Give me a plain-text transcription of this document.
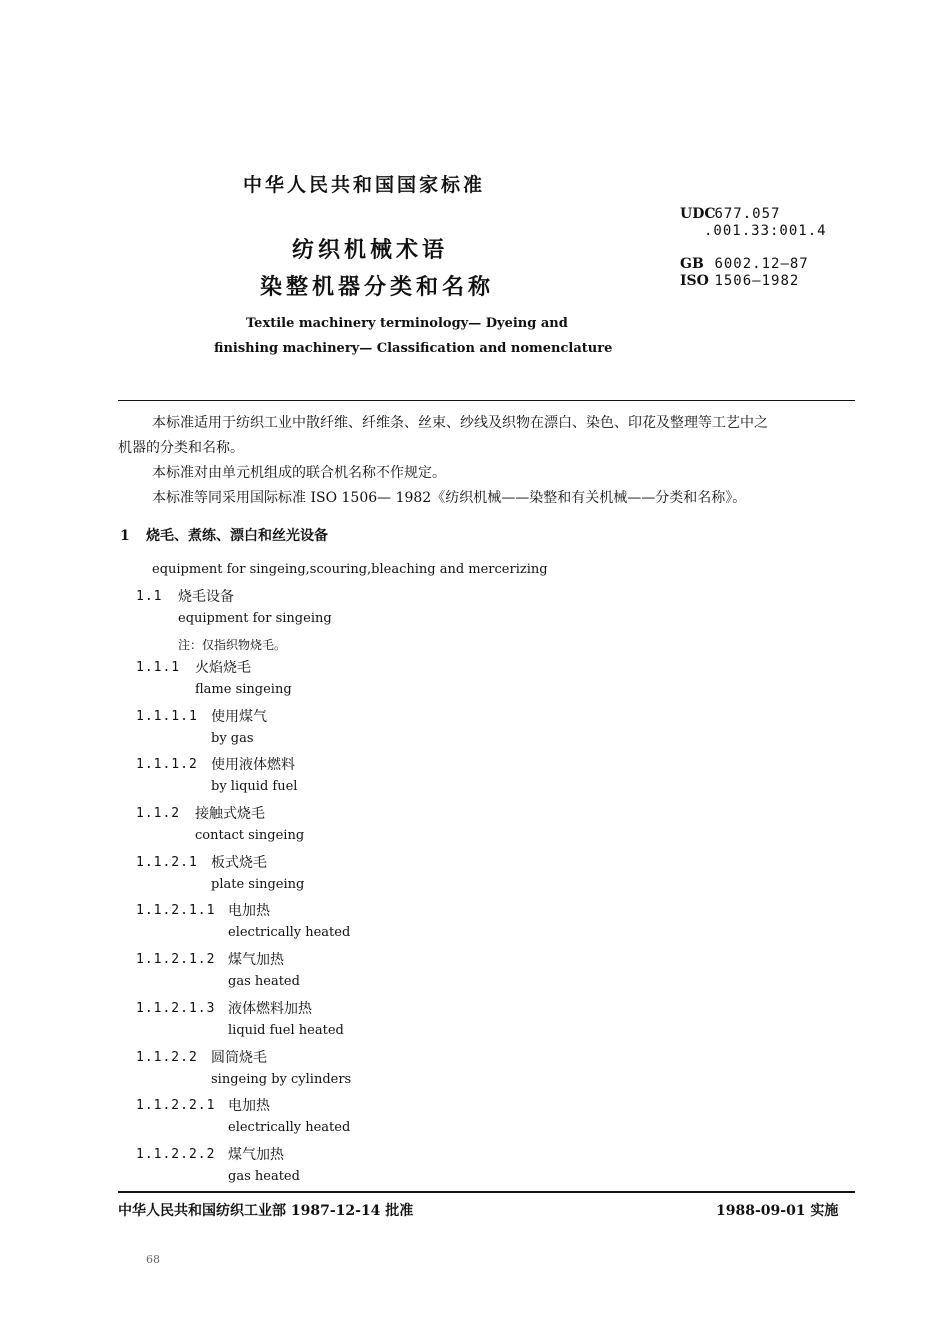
中华人民共和国国家标准
纺织机械术语
染整机器分类和名称
Textile machinery terminology— Dyeing and
finishing machinery— Classification and nomenclature
UDC 677.057
.001.33:001.4
GB 6002.12—87
ISO 1506—1982
本标准适用于纺织工业中散纤维、纤维条、丝束、纱线及织物在漂白、染色、印花及整理等工艺中之
机器的分类和名称。
本标准对由单元机组成的联合机名称不作规定。
本标准等同采用国际标准 ISO 1506— 1982《纺织机械——染整和有关机械——分类和名称》。
1 烧毛、煮练、漂白和丝光设备
equipment for singeing,scouring,bleaching and mercerizing
1.1 烧毛设备
equipment for singeing
注：仅指织物烧毛。
1.1.1 火焰烧毛
flame singeing
1.1.1.1 使用煤气
by gas
1.1.1.2 使用液体燃料
by liquid fuel
1.1.2 接触式烧毛
contact singeing
1.1.2.1 板式烧毛
plate singeing
1.1.2.1.1 电加热
electrically heated
1.1.2.1.2 煤气加热
gas heated
1.1.2.1.3 液体燃料加热
liquid fuel heated
1.1.2.2 圆筒烧毛
singeing by cylinders
1.1.2.2.1 电加热
electrically heated
1.1.2.2.2 煤气加热
gas heated
中华人民共和国纺织工业部 1987-12-14 批准	1988-09-01 实施
68
